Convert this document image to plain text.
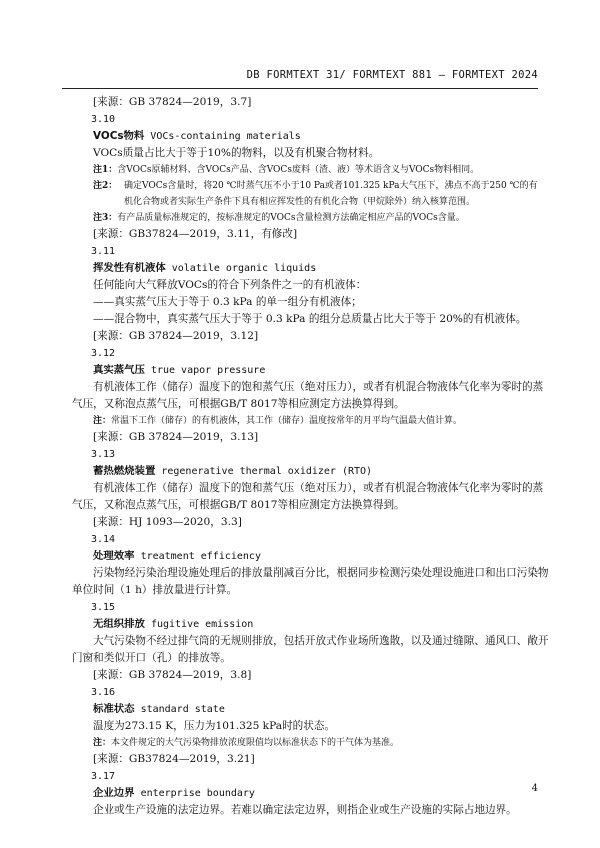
DB FORMTEXT 31/ FORMTEXT 881 — FORMTEXT 2024
[来源：GB 37824—2019，3.7]
3.10
VOCs物料 VOCs-containing materials
VOCs质量占比大于等于10%的物料，以及有机聚合物材料。
注1：含VOCs原辅材料、含VOCs产品、含VOCs废料（渣、液）等术语含义与VOCs物料相同。
注2： 确定VOCs含量时，将20 ℃时蒸气压不小于10 Pa或者101.325 kPa大气压下，沸点不高于250 ℃的有机化合物或者实际生产条件下具有相应挥发性的有机化合物（甲烷除外）纳入核算范围。
注3：有产品质量标准规定的，按标准规定的VOCs含量检测方法确定相应产品的VOCs含量。
[来源：GB37824—2019，3.11，有修改]
3.11
挥发性有机液体 volatile organic liquids
任何能向大气释放VOCs的符合下列条件之一的有机液体：
——真实蒸气压大于等于 0.3 kPa 的单一组分有机液体；
——混合物中，真实蒸气压大于等于 0.3 kPa 的组分总质量占比大于等于 20%的有机液体。
[来源：GB 37824—2019，3.12]
3.12
真实蒸气压 true vapor pressure
有机液体工作（储存）温度下的饱和蒸气压（绝对压力），或者有机混合物液体气化率为零时的蒸
气压，又称泡点蒸气压，可根据GB/T 8017等相应测定方法换算得到。
注：常温下工作（储存）的有机液体，其工作（储存）温度按常年的月平均气温最大值计算。
[来源：GB 37824—2019，3.13]
3.13
蓄热燃烧装置 regenerative thermal oxidizer (RTO)
有机液体工作（储存）温度下的饱和蒸气压（绝对压力），或者有机混合物液体气化率为零时的蒸
气压，又称泡点蒸气压，可根据GB/T 8017等相应测定方法换算得到。
[来源：HJ 1093—2020，3.3]
3.14
处理效率 treatment efficiency
污染物经污染治理设施处理后的排放量削减百分比，根据同步检测污染处理设施进口和出口污染物
单位时间（1 h）排放量进行计算。
3.15
无组织排放 fugitive emission
大气污染物不经过排气筒的无规则排放，包括开放式作业场所逸散，以及通过缝隙、通风口、敞开
门窗和类似开口（孔）的排放等。
[来源：GB 37824—2019，3.8]
3.16
标准状态 standard state
温度为273.15 K，压力为101.325 kPa时的状态。
注：本文件规定的大气污染物排放浓度限值均以标准状态下的干气体为基准。
[来源：GB37824—2019，3.21]
3.17
企业边界 enterprise boundary
企业或生产设施的法定边界。若难以确定法定边界，则指企业或生产设施的实际占地边界。
4
